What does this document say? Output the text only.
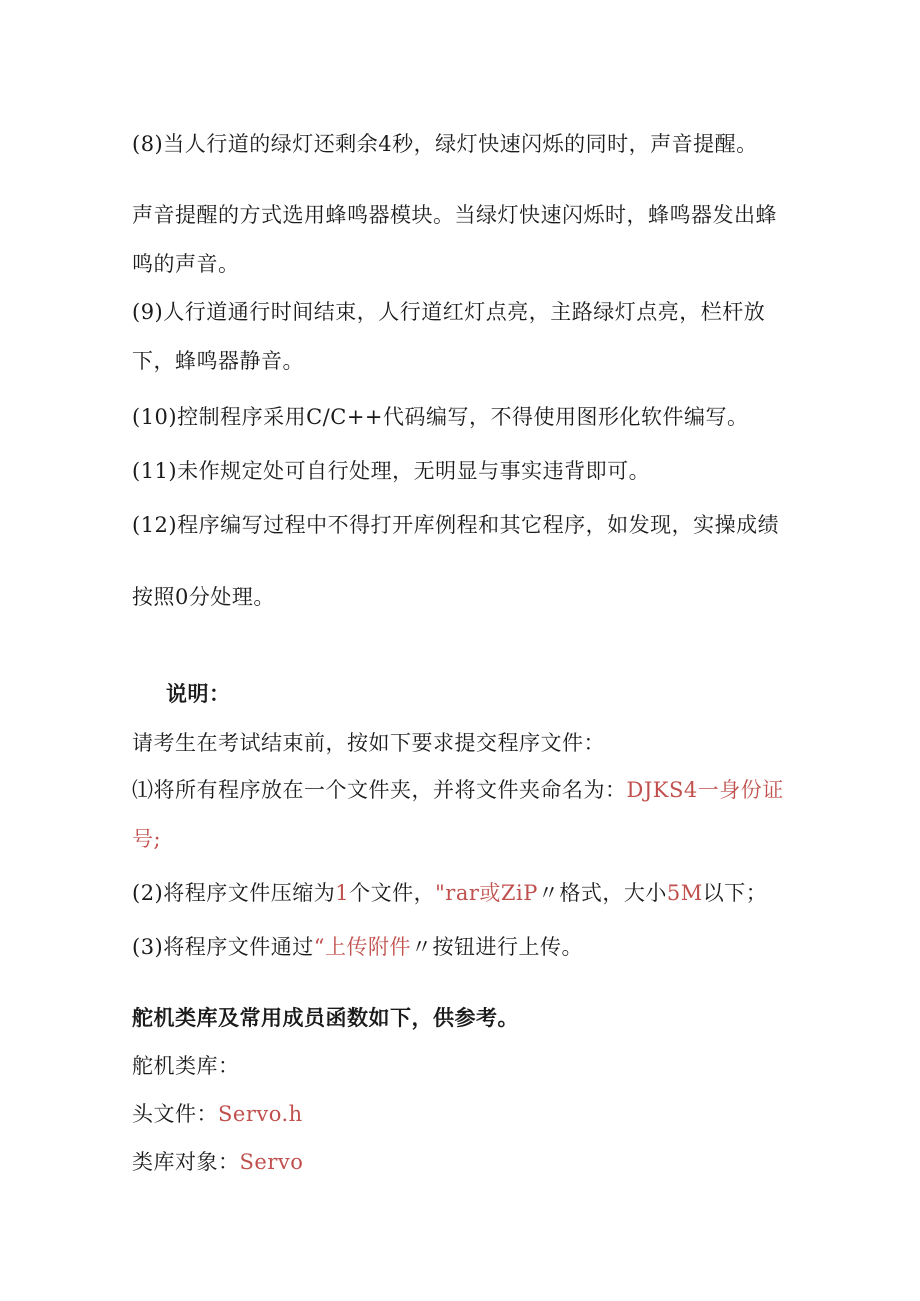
(8)当人行道的绿灯还剩余4秒，绿灯快速闪烁的同时，声音提醒。
声音提醒的方式选用蜂鸣器模块。当绿灯快速闪烁时，蜂鸣器发出蜂
鸣的声音。
(9)人行道通行时间结束，人行道红灯点亮，主路绿灯点亮，栏杆放
下，蜂鸣器静音。
(10)控制程序采用C/C++代码编写，不得使用图形化软件编写。
(11)未作规定处可自行处理，无明显与事实违背即可。
(12)程序编写过程中不得打开库例程和其它程序，如发现，实操成绩
按照0分处理。
说明：
请考生在考试结束前，按如下要求提交程序文件：
⑴将所有程序放在一个文件夹，并将文件夹命名为：DJKS4一身份证
号;
(2)将程序文件压缩为1个文件，"rar或ZiP〃格式，大小5M以下；
(3)将程序文件通过“上传附件〃按钮进行上传。
舵机类库及常用成员函数如下，供参考。
舵机类库：
头文件：Servo.h
类库对象：Servo
